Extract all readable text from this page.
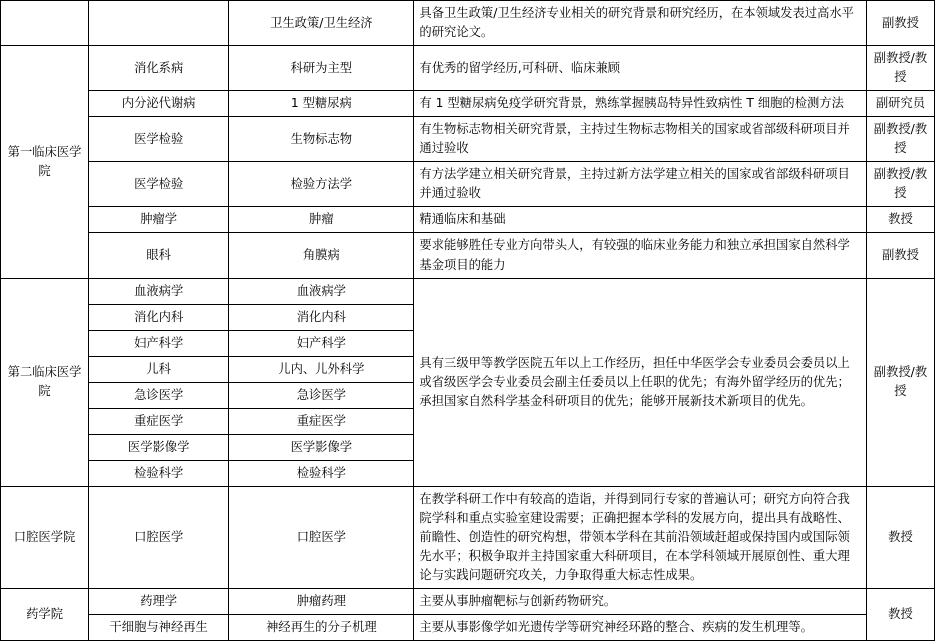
		卫生政策/卫生经济	具备卫生政策/卫生经济专业相关的研究背景和研究经历，在本领域发表过高水平的研究论文。	副教授
第一临床医学院	消化系病	科研为主型	有优秀的留学经历,可科研、临床兼顾	副教授/教授
	内分泌代谢病	1 型糖尿病	有 1 型糖尿病免疫学研究背景，熟练掌握胰岛特异性致病性 T 细胞的检测方法	副研究员
	医学检验	生物标志物	有生物标志物相关研究背景，主持过生物标志物相关的国家或省部级科研项目并通过验收	副教授/教授
	医学检验	检验方法学	有方法学建立相关研究背景，主持过新方法学建立相关的国家或省部级科研项目并通过验收	副教授/教授
	肿瘤学	肿瘤	精通临床和基础	教授
	眼科	角膜病	要求能够胜任专业方向带头人，有较强的临床业务能力和独立承担国家自然科学基金项目的能力	副教授
第二临床医学院	血液病学	血液病学	具有三级甲等教学医院五年以上工作经历，担任中华医学会专业委员会委员以上或省级医学会专业委员会副主任委员以上任职的优先；有海外留学经历的优先；承担国家自然科学基金科研项目的优先；能够开展新技术新项目的优先。	副教授/教授
	消化内科	消化内科		
	妇产科学	妇产科学		
	儿科	儿内、儿外科学		
	急诊医学	急诊医学		
	重症医学	重症医学		
	医学影像学	医学影像学		
	检验科学	检验科学		
口腔医学院	口腔医学	口腔医学	在教学科研工作中有较高的造诣，并得到同行专家的普遍认可；研究方向符合我院学科和重点实验室建设需要；正确把握本学科的发展方向，提出具有战略性、前瞻性、创造性的研究构想，带领本学科在其前沿领域赶超或保持国内或国际领先水平；积极争取并主持国家重大科研项目，在本学科领域开展原创性、重大理论与实践问题研究攻关，力争取得重大标志性成果。	教授
药学院	药理学	肿瘤药理	主要从事肿瘤靶标与创新药物研究。	教授
	干细胞与神经再生	神经再生的分子机理	主要从事影像学如光遗传学等研究神经环路的整合、疾病的发生机理等。	
